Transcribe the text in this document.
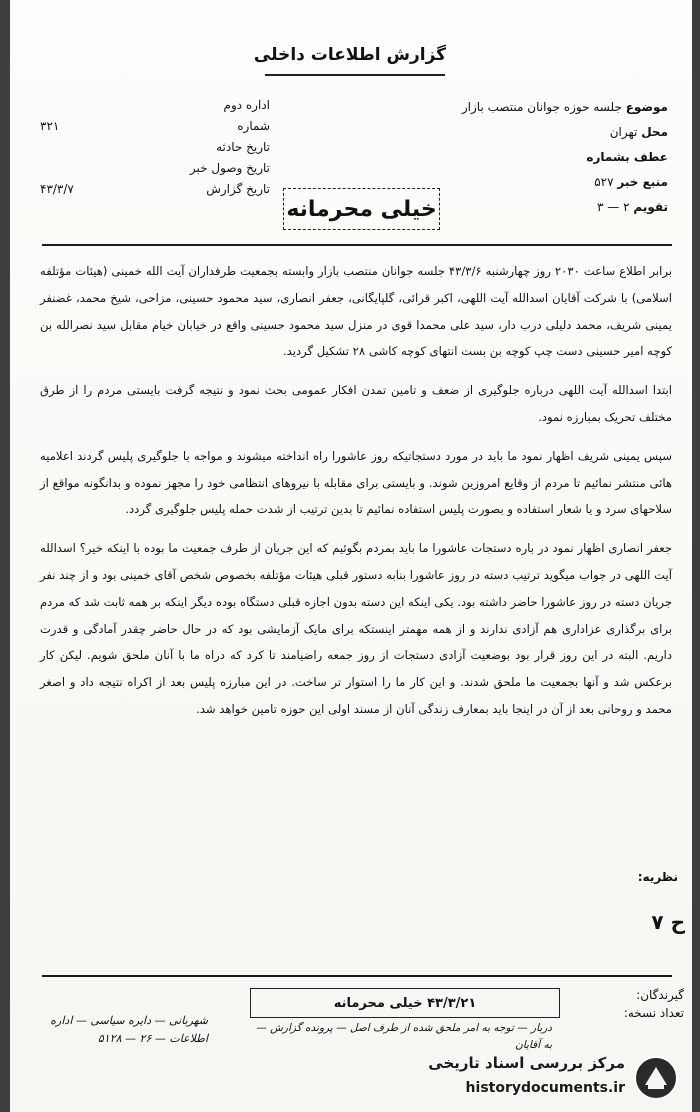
گزارش اطلاعات داخلی
اداره دوم
شماره
۳۲۱
تاریخ حادثه
تاریخ وصول خبر
تاریخ گزارش
۴۳/۳/۷
موضوع جلسه حوزه جوانان منتصب بازار
محل تهران
عطف بشماره
منبع خبر ۵۲۷
تقویم ۲ — ۳
خیلی محرمانه

برابر اطلاع ساعت ۲۰۳۰ روز چهارشنبه ۴۳/۳/۶ جلسه جوانان منتصب بازار وابسته بجمعیت طرفداران آیت الله خمینی (هیئات مؤتلفه اسلامی) با شرکت آقایان اسدالله آیت اللهی، اکبر قرائی، گلپایگانی، جعفر انصاری، سید محمود حسینی، مزاحی، شیخ محمد، غضنفر یمینی شریف، محمد دلیلی درب دار، سید علی محمدا قوی در منزل سید محمود حسینی واقع در خیابان خیام مقابل سید نصرالله بن کوچه امیر حسینی دست چپ کوچه بن بست انتهای کوچه کاشی ۲۸ تشکیل گردید.

ابتدا اسدالله آیت اللهی درباره جلوگیری از ضعف و تامین تمدن افکار عمومی بحث نمود و نتیجه گرفت بایستی مردم را از طرق مختلف تحریک بمبارزه نمود.

سپس یمینی شریف اظهار نمود ما باید در مورد دستجاتیکه روز عاشورا راه انداخته میشوند و مواجه با جلوگیری پلیس گردند اعلامیه هائی منتشر نمائیم تا مردم از وقایع امروزین شوند. و بایستی برای مقابله با نیروهای انتظامی خود را مجهز نموده و بدانگونه مواقع از سلاحهای سرد و یا شعار استفاده و بصورت پلیس استفاده نمائیم تا بدین ترتیب از شدت حمله پلیس جلوگیری گردد.

جعفر انصاری اظهار نمود در باره دستجات عاشورا ما باید بمردم بگوئیم که این جریان از طرف جمعیت ما بوده با اینکه خیر؟ اسدالله آیت اللهی در جواب میگوید ترتیب دسته در روز عاشورا بنابه دستور قبلی هیئات مؤتلفه بخصوص شخص آقای خمینی بود و از چند نفر جریان دسته در روز عاشورا حاضر داشته بود. یکی اینکه این دسته بدون اجازه قبلی دستگاه بوده دیگر اینکه بر همه ثابت شد که مردم برای برگذاری عزاداری هم آزادی ندارند و از همه مهمتر اینستکه برای مایک آزمایشی بود که در حال حاضر چقدر آمادگی و قدرت داریم. البته در این روز قرار بود بوضعیت آزادی دستجات از روز جمعه راضیامند تا کرد که دراه ما با آنان ملحق شویم. لیکن کار برعکس شد و آنها بجمعیت ما ملحق شدند. و این کار ما را استوار تر ساخت. در این مبارزه پلیس بعد از اکراه نتیجه داد و اصغر محمد و روحانی بعد از آن در اینجا باید بمعارف زندگی آنان از مسند اولی این حوزه تامین خواهد شد.

نظریه:
ح ۷
گیرندگان:
تعداد نسخه:
۴۳/۳/۲۱ خیلی محرمانه
دربار — توجه به امر ملحق شده از طرف اصل — پرونده گزارش — به آقایان
شهربانی — دایره سیاسی — اداره اطلاعات — ۲۶ — ۵۱۲۸
مرکز بررسی اسناد تاریخی
historydocuments.ir
